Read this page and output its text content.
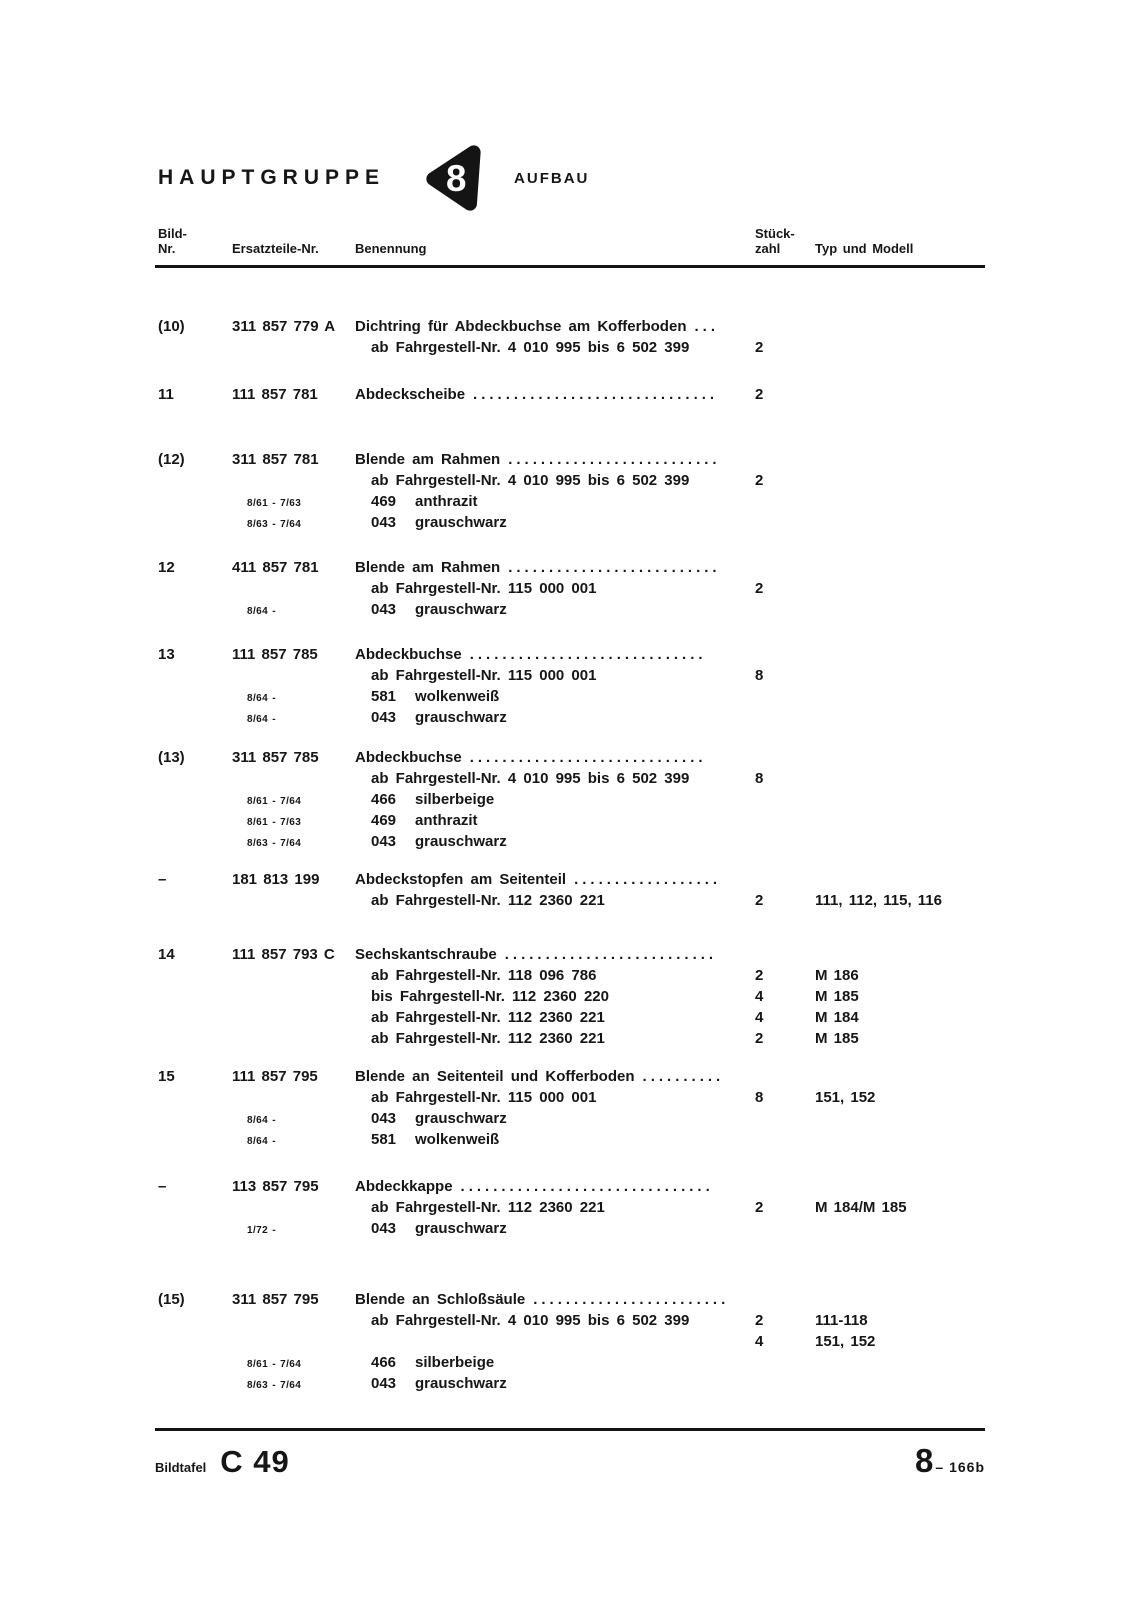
HAUPTGRUPPE 8	AUFBAU
Bild-
Nr.	Ersatzteile-Nr.	Benennung
Stück-
zahl	Typ und Modell
(10)	311 857 779 A	Dichtring für Abdeckbuchse am Kofferboden ...
ab Fahrgestell-Nr. 4 010 995 bis 6 502 399	2
11	111 857 781	Abdeckscheibe ..............................	2
(12)	311 857 781	Blende am Rahmen ..........................
ab Fahrgestell-Nr. 4 010 995 bis 6 502 399	2
8/61 - 7/63	469 anthrazit
8/63 - 7/64	043 grauschwarz
12	411 857 781	Blende am Rahmen ..........................
ab Fahrgestell-Nr. 115 000 001	2
8/64 -	043 grauschwarz
13	111 857 785	Abdeckbuchse .............................
ab Fahrgestell-Nr. 115 000 001	8
8/64 -	581 wolkenweiß
8/64 -	043 grauschwarz
(13)	311 857 785	Abdeckbuchse .............................
ab Fahrgestell-Nr. 4 010 995 bis 6 502 399	8
8/61 - 7/64	466 silberbeige
8/61 - 7/63	469 anthrazit
8/63 - 7/64	043 grauschwarz
–	181 813 199	Abdeckstopfen am Seitenteil ..................
ab Fahrgestell-Nr. 112 2360 221	2	111, 112, 115, 116
14	111 857 793 C	Sechskantschraube ..........................
ab Fahrgestell-Nr. 118 096 786	2	M 186
bis Fahrgestell-Nr. 112 2360 220	4	M 185
ab Fahrgestell-Nr. 112 2360 221	4	M 184
ab Fahrgestell-Nr. 112 2360 221	2	M 185
15	111 857 795	Blende an Seitenteil und Kofferboden ..........
ab Fahrgestell-Nr. 115 000 001	8	151, 152
8/64 -	043 grauschwarz
8/64 -	581 wolkenweiß
–	113 857 795	Abdeckkappe ...............................
ab Fahrgestell-Nr. 112 2360 221	2	M 184/M 185
1/72 -	043 grauschwarz
(15)	311 857 795	Blende an Schloßsäule ........................
ab Fahrgestell-Nr. 4 010 995 bis 6 502 399	2	111-118
4	151, 152
8/61 - 7/64	466 silberbeige
8/63 - 7/64	043 grauschwarz
Bildtafel C 49	8 – 166b
